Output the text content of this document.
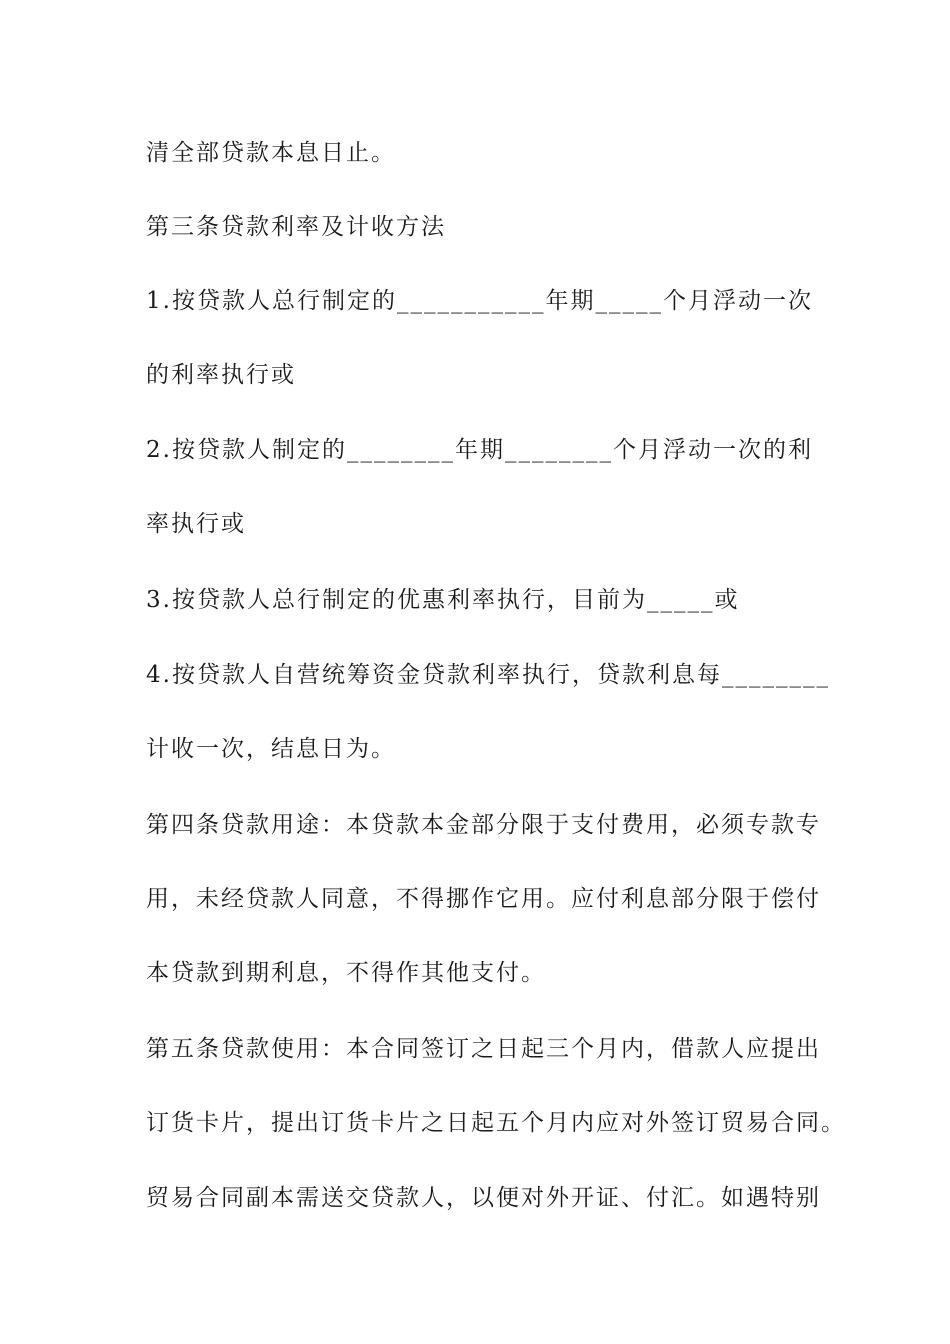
清全部贷款本息日止。
第三条贷款利率及计收方法
1.按贷款人总行制定的___________年期_____个月浮动一次
的利率执行或
2.按贷款人制定的________年期________个月浮动一次的利
率执行或
3.按贷款人总行制定的优惠利率执行，目前为_____或
4.按贷款人自营统筹资金贷款利率执行，贷款利息每________
计收一次，结息日为。
第四条贷款用途：本贷款本金部分限于支付费用，必须专款专
用，未经贷款人同意，不得挪作它用。应付利息部分限于偿付
本贷款到期利息，不得作其他支付。
第五条贷款使用：本合同签订之日起三个月内，借款人应提出
订货卡片，提出订货卡片之日起五个月内应对外签订贸易合同。
贸易合同副本需送交贷款人，以便对外开证、付汇。如遇特别
